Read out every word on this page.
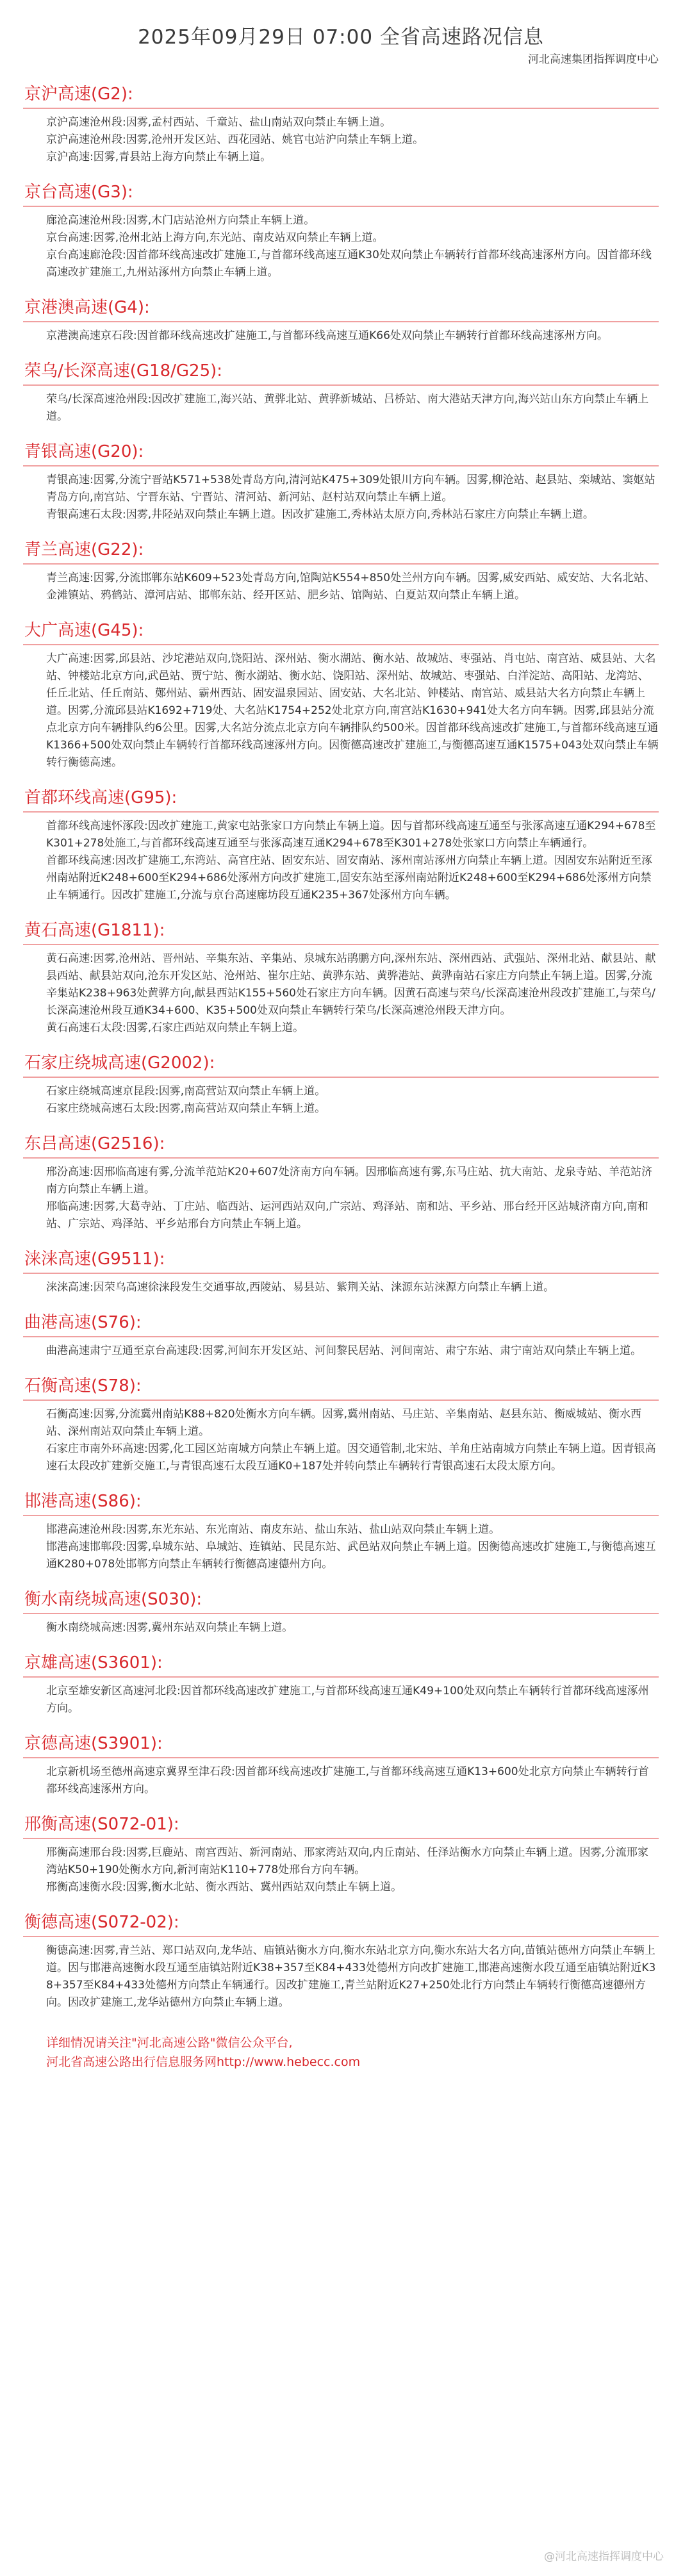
2025年09月29日 07:00 全省高速路况信息
河北高速集团指挥调度中心
京沪高速(G2):
京沪高速沧州段:因雾,孟村西站、千童站、盐山南站双向禁止车辆上道。
京沪高速沧州段:因雾,沧州开发区站、西花园站、姚官屯站沪向禁止车辆上道。
京沪高速:因雾,青县站上海方向禁止车辆上道。
京台高速(G3):
廊沧高速沧州段:因雾,木门店站沧州方向禁止车辆上道。
京台高速:因雾,沧州北站上海方向,东光站、南皮站双向禁止车辆上道。
京台高速廊沧段:因首都环线高速改扩建施工,与首都环线高速互通K30处双向禁止车辆转行首都环线高速涿州方向。因首都环线高速改扩建施工,九州站涿州方向禁止车辆上道。
京港澳高速(G4):
京港澳高速京石段:因首都环线高速改扩建施工,与首都环线高速互通K66处双向禁止车辆转行首都环线高速涿州方向。
荣乌/长深高速(G18/G25):
荣乌/长深高速沧州段:因改扩建施工,海兴站、黄骅北站、黄骅新城站、吕桥站、南大港站天津方向,海兴站山东方向禁止车辆上道。
青银高速(G20):
青银高速:因雾,分流宁晋站K571+538处青岛方向,清河站K475+309处银川方向车辆。因雾,柳沧站、赵县站、栾城站、窦妪站青岛方向,南宫站、宁晋东站、宁晋站、清河站、新河站、赵村站双向禁止车辆上道。
青银高速石太段:因雾,井陉站双向禁止车辆上道。因改扩建施工,秀林站太原方向,秀林站石家庄方向禁止车辆上道。
青兰高速(G22):
青兰高速:因雾,分流邯郸东站K609+523处青岛方向,馆陶站K554+850处兰州方向车辆。因雾,威安西站、威安站、大名北站、金滩镇站、鸦鹤站、漳河店站、邯郸东站、经开区站、肥乡站、馆陶站、白夏站双向禁止车辆上道。
大广高速(G45):
大广高速:因雾,邱县站、沙坨港站双向,饶阳站、深州站、衡水湖站、衡水站、故城站、枣强站、肖屯站、南宫站、威县站、大名站、钟楼站北京方向,武邑站、贾宁站、衡水湖站、衡水站、饶阳站、深州站、故城站、枣强站、白洋淀站、高阳站、龙湾站、任丘北站、任丘南站、鄚州站、霸州西站、固安温泉园站、固安站、大名北站、钟楼站、南宫站、威县站大名方向禁止车辆上道。因雾,分流邱县站K1692+719处、大名站K1754+252处北京方向,南宫站K1630+941处大名方向车辆。因雾,邱县站分流点北京方向车辆排队约6公里。因雾,大名站分流点北京方向车辆排队约500米。因首都环线高速改扩建施工,与首都环线高速互通K1366+500处双向禁止车辆转行首都环线高速涿州方向。因衡德高速改扩建施工,与衡德高速互通K1575+043处双向禁止车辆转行衡德高速。
首都环线高速(G95):
首都环线高速怀涿段:因改扩建施工,黄家屯站张家口方向禁止车辆上道。因与首都环线高速互通至与张涿高速互通K294+678至K301+278处施工,与首都环线高速互通至与张涿高速互通K294+678至K301+278处张家口方向禁止车辆通行。
首都环线高速:因改扩建施工,东湾站、高官庄站、固安东站、固安南站、涿州南站涿州方向禁止车辆上道。因固安东站附近至涿州南站附近K248+600至K294+686处涿州方向改扩建施工,固安东站至涿州南站附近K248+600至K294+686处涿州方向禁止车辆通行。因改扩建施工,分流与京台高速廊坊段互通K235+367处涿州方向车辆。
黄石高速(G1811):
黄石高速:因雾,沧州站、晋州站、辛集东站、辛集站、泉城东站鹃鹏方向,深州东站、深州西站、武强站、深州北站、献县站、献县西站、献县站双向,沧东开发区站、沧州站、崔尔庄站、黄骅东站、黄骅港站、黄骅南站石家庄方向禁止车辆上道。因雾,分流辛集站K238+963处黄骅方向,献县西站K155+560处石家庄方向车辆。因黄石高速与荣乌/长深高速沧州段改扩建施工,与荣乌/长深高速沧州段互通K34+600、K35+500处双向禁止车辆转行荣乌/长深高速沧州段天津方向。
黄石高速石太段:因雾,石家庄西站双向禁止车辆上道。
石家庄绕城高速(G2002):
石家庄绕城高速京昆段:因雾,南高营站双向禁止车辆上道。
石家庄绕城高速石太段:因雾,南高营站双向禁止车辆上道。
东吕高速(G2516):
邢汾高速:因邢临高速有雾,分流羊范站K20+607处济南方向车辆。因邢临高速有雾,东马庄站、抗大南站、龙泉寺站、羊范站济南方向禁止车辆上道。
邢临高速:因雾,大葛寺站、丁庄站、临西站、运河西站双向,广宗站、鸡泽站、南和站、平乡站、邢台经开区站城济南方向,南和站、广宗站、鸡泽站、平乡站邢台方向禁止车辆上道。
涞涞高速(G9511):
涞涞高速:因荣乌高速徐涞段发生交通事故,西陵站、易县站、紫荆关站、涞源东站涞源方向禁止车辆上道。
曲港高速(S76):
曲港高速肃宁互通至京台高速段:因雾,河间东开发区站、河间黎民居站、河间南站、肃宁东站、肃宁南站双向禁止车辆上道。
石衡高速(S78):
石衡高速:因雾,分流冀州南站K88+820处衡水方向车辆。因雾,冀州南站、马庄站、辛集南站、赵县东站、衡威城站、衡水西站、深州南站双向禁止车辆上道。
石家庄市南外环高速:因雾,化工园区站南城方向禁止车辆上道。因交通管制,北宋站、羊角庄站南城方向禁止车辆上道。因青银高速石太段改扩建新交施工,与青银高速石太段互通K0+187处并转向禁止车辆转行青银高速石太段太原方向。
邯港高速(S86):
邯港高速沧州段:因雾,东光东站、东光南站、南皮东站、盐山东站、盐山站双向禁止车辆上道。
邯港高速邯郸段:因雾,阜城东站、阜城站、连镇站、民昆东站、武邑站双向禁止车辆上道。因衡德高速改扩建施工,与衡德高速互通K280+078处邯郸方向禁止车辆转行衡德高速德州方向。
衡水南绕城高速(S030):
衡水南绕城高速:因雾,冀州东站双向禁止车辆上道。
京雄高速(S3601):
北京至雄安新区高速河北段:因首都环线高速改扩建施工,与首都环线高速互通K49+100处双向禁止车辆转行首都环线高速涿州方向。
京德高速(S3901):
北京新机场至德州高速京冀界至津石段:因首都环线高速改扩建施工,与首都环线高速互通K13+600处北京方向禁止车辆转行首都环线高速涿州方向。
邢衡高速(S072-01):
邢衡高速邢台段:因雾,巨鹿站、南宫西站、新河南站、邢家湾站双向,内丘南站、任泽站衡水方向禁止车辆上道。因雾,分流邢家湾站K50+190处衡水方向,新河南站K110+778处邢台方向车辆。
邢衡高速衡水段:因雾,衡水北站、衡水西站、冀州西站双向禁止车辆上道。
衡德高速(S072-02):
衡德高速:因雾,青兰站、郑口站双向,龙华站、庙镇站衡水方向,衡水东站北京方向,衡水东站大名方向,苗镇站德州方向禁止车辆上道。因与邯港高速衡水段互通至庙镇站附近K38+357至K84+433处德州方向改扩建施工,邯港高速衡水段互通至庙镇站附近K38+357至K84+433处德州方向禁止车辆通行。因改扩建施工,青兰站附近K27+250处北行方向禁止车辆转行衡德高速德州方向。因改扩建施工,龙华站德州方向禁止车辆上道。
详细情况请关注"河北高速公路"微信公众平台,
河北省高速公路出行信息服务网http://www.hebecc.com
@河北高速指挥调度中心
